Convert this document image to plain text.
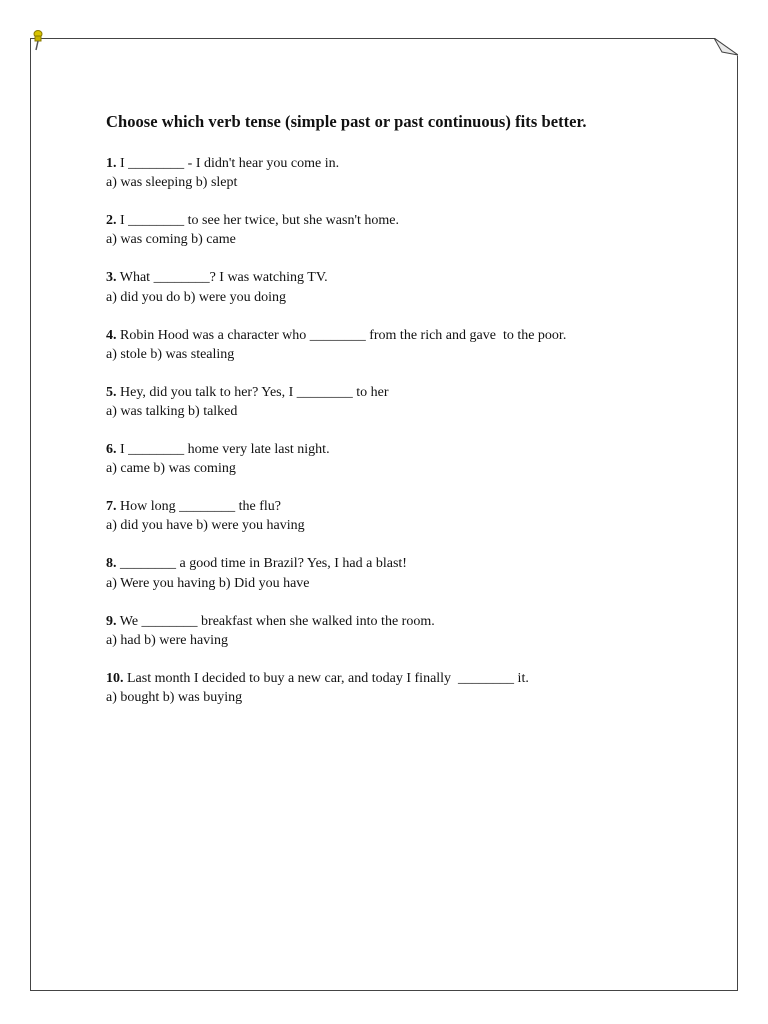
Choose which verb tense (simple past or past continuous) fits better.
1. I ________ - I didn't hear you come in.
a) was sleeping b) slept
2. I ________ to see her twice, but she wasn't home.
a) was coming b) came
3. What ________? I was watching TV.
a) did you do b) were you doing
4. Robin Hood was a character who ________ from the rich and gave  to the poor.
a) stole b) was stealing
5. Hey, did you talk to her? Yes, I ________ to her
a) was talking b) talked
6. I ________ home very late last night.
a) came b) was coming
7. How long ________ the flu?
a) did you have b) were you having
8. ________ a good time in Brazil? Yes, I had a blast!
a) Were you having b) Did you have
9. We ________ breakfast when she walked into the room.
a) had b) were having
10. Last month I decided to buy a new car, and today I finally  ________ it.
a) bought b) was buying
